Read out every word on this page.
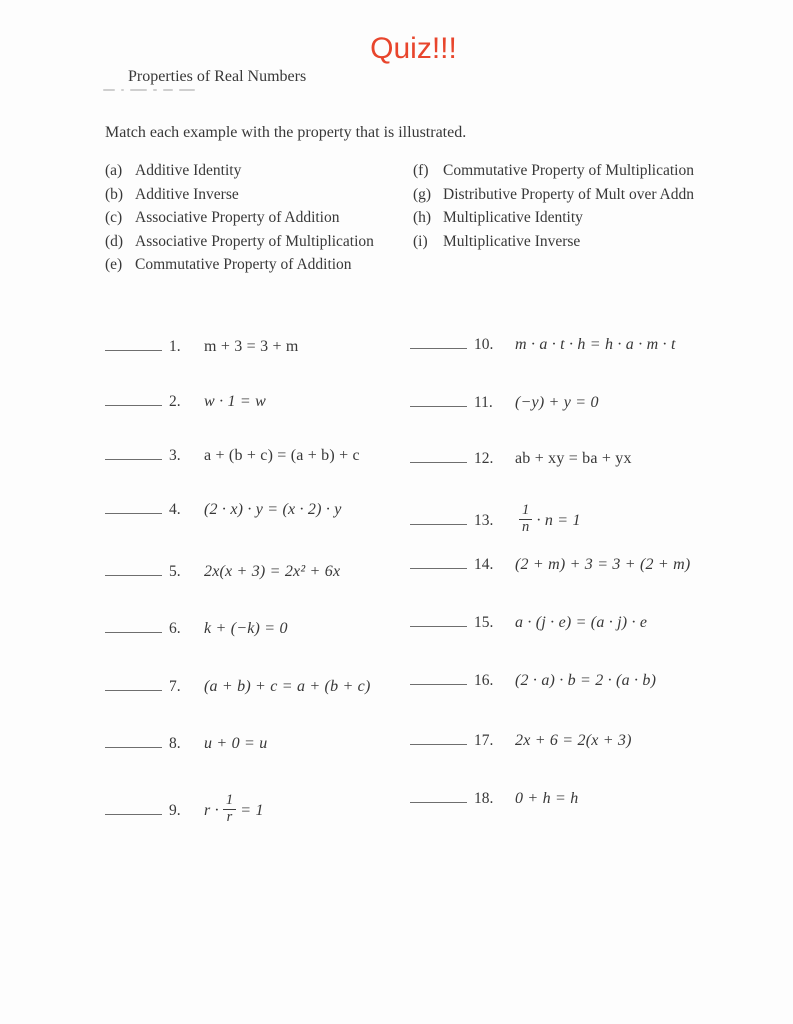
Quiz!!!
Properties of Real Numbers
Match each example with the property that is illustrated.
(a) Additive Identity
(b) Additive Inverse
(c) Associative Property of Addition
(d) Associative Property of Multiplication
(e) Commutative Property of Addition
(f) Commutative Property of Multiplication
(g) Distributive Property of Mult over Addn
(h) Multiplicative Identity
(i) Multiplicative Inverse
1.	m + 3 = 3 + m
2.	w · 1 = w
3.	a + (b + c) = (a + b) + c
4.	(2 · x) · y = (x · 2) · y
5.	2x(x + 3) = 2x² + 6x
6.	k + (−k) = 0
7.	(a + b) + c = a + (b + c)
8.	u + 0 = u
9.	$r \cdot \frac{1}{r} = 1$
10.	m · a · t · h = h · a · m · t
11.	(−y) + y = 0
12.	ab + xy = ba + yx
13.	$\frac{1}{n} \cdot n = 1$
14.	(2 + m) + 3 = 3 + (2 + m)
15.	a · (j · e) = (a · j) · e
16.	(2 · a) · b = 2 · (a · b)
17.	2x + 6 = 2(x + 3)
18.	0 + h = h
